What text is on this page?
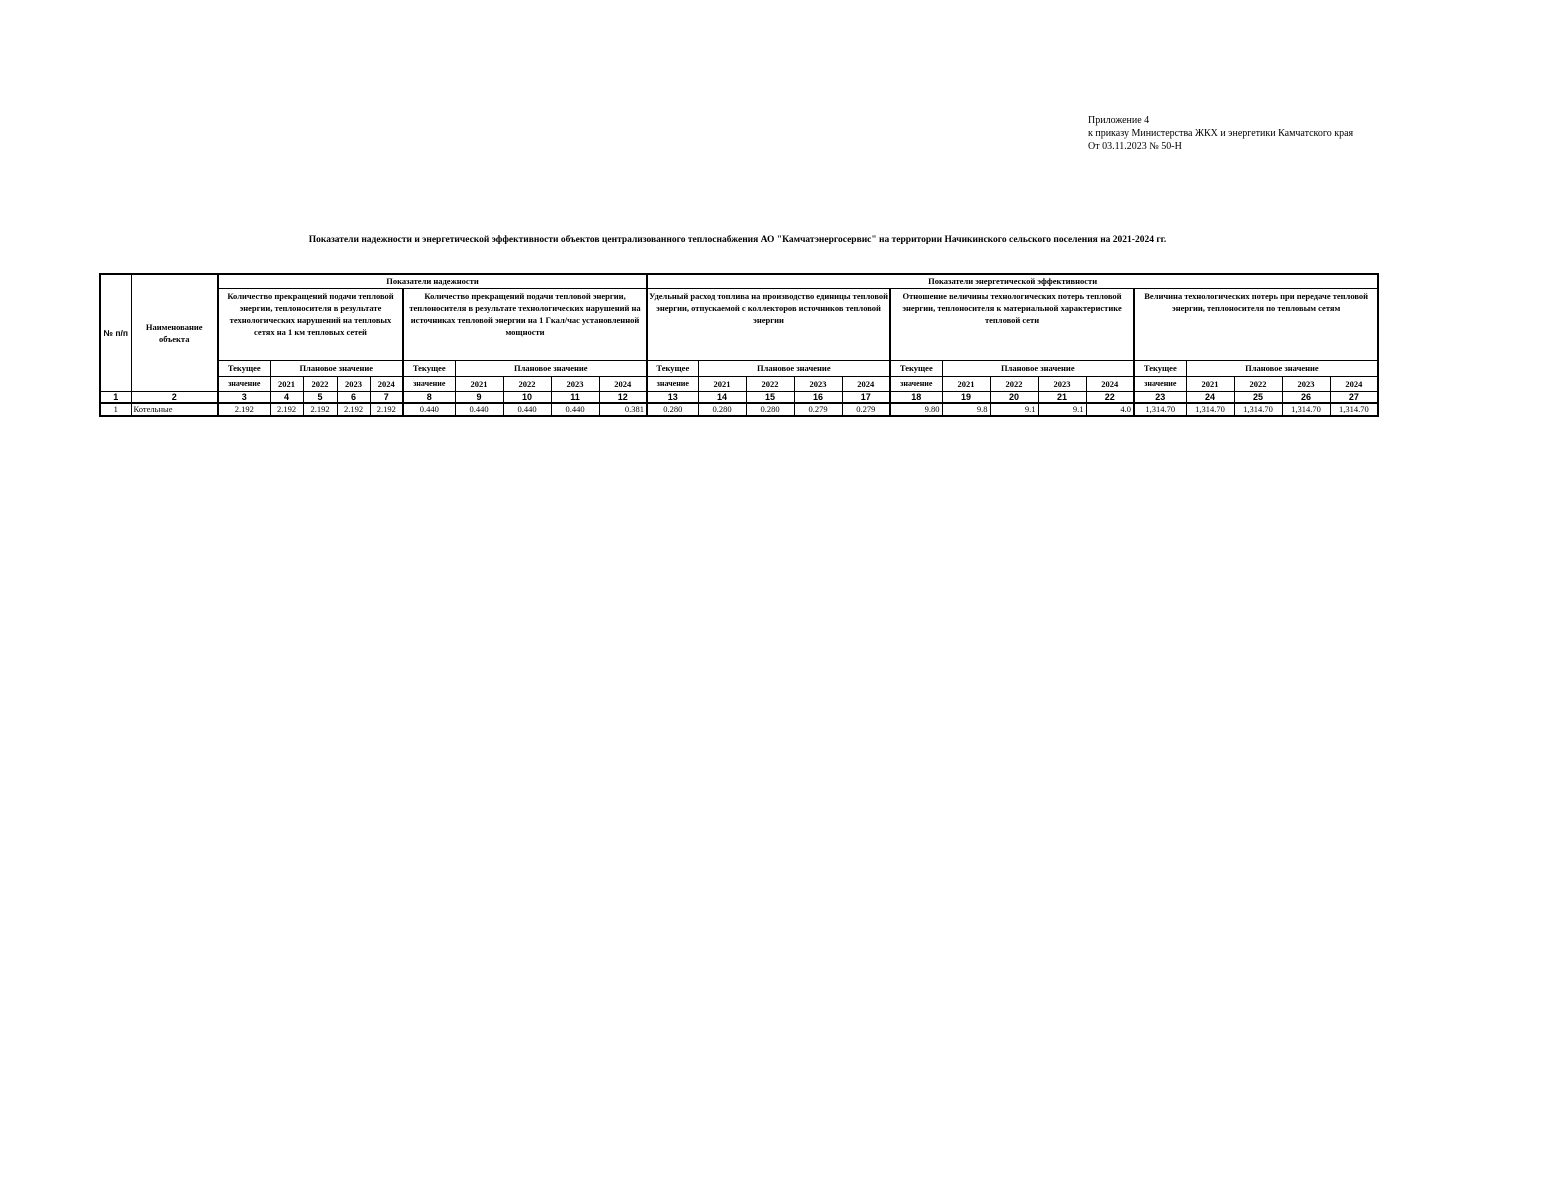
Приложение 4
к приказу Министерства ЖКХ и энергетики Камчатского края
От 03.11.2023 № 50-Н
Показатели надежности и энергетической эффективности объектов централизованного теплоснабжения АО "Камчатэнергосервис" на территории Начикинского сельского поселения на 2021-2024 гг.
№ п/п	Наименование объекта	Показатели надежности										Показатели энергетической эффективности														
		Количество прекращений подачи тепловой энергии, теплоносителя в результате технологических нарушений на тепловых сетях на 1 км тепловых сетей					Количество прекращений подачи тепловой энергии, теплоносителя в результате технологических нарушений на источниках тепловой энергии на 1 Гкал/час установленной мощности					Удельный расход топлива на производство единицы тепловой энергии, отпускаемой с коллекторов источников тепловой энергии					Отношение величины технологических потерь тепловой энергии, теплоносителя к материальной характеристике тепловой сети					Величина технологических потерь при передаче тепловой энергии, теплоносителя по тепловым сетям				
		Текущее	Плановое значение				Текущее	Плановое значение				Текущее	Плановое значение				Текущее	Плановое значение				Текущее	Плановое значение			
		значение	2021	2022	2023	2024	значение	2021	2022	2023	2024	значение	2021	2022	2023	2024	значение	2021	2022	2023	2024	значение	2021	2022	2023	2024
1	2	3	4	5	6	7	8	9	10	11	12	13	14	15	16	17	18	19	20	21	22	23	24	25	26	27
1	Котельные	2.192	2.192	2.192	2.192	2.192	0.440	0.440	0.440	0.440	0.381	0.280	0.280	0.280	0.279	0.279	9.80	9.8	9.1	9.1	4.0	1,314.70	1,314.70	1,314.70	1,314.70	1,314.70
